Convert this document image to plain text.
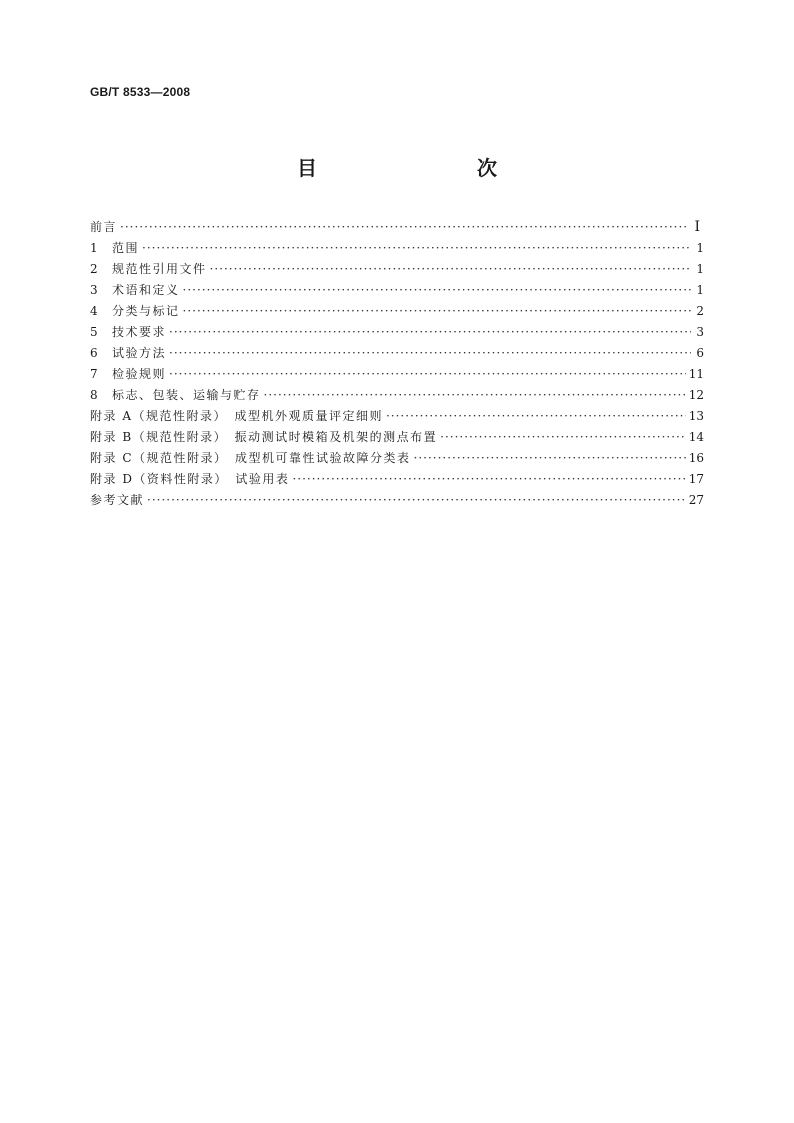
GB/T 8533—2008
目　　次
前言 ·····	I
1	范围 ·····	1
2	规范性引用文件 ·····	1
3	术语和定义 ·····	1
4	分类与标记 ·····	2
5	技术要求 ·····	3
6	试验方法 ·····	6
7	检验规则 ·····	11
8	标志、包装、运输与贮存 ·····	12
附录 A（规范性附录）　成型机外观质量评定细则 ·····	13
附录 B（规范性附录）　振动测试时模箱及机架的测点布置 ·····	14
附录 C（规范性附录）　成型机可靠性试验故障分类表 ·····	16
附录 D（资料性附录）　试验用表 ·····	17
参考文献 ·····	27
